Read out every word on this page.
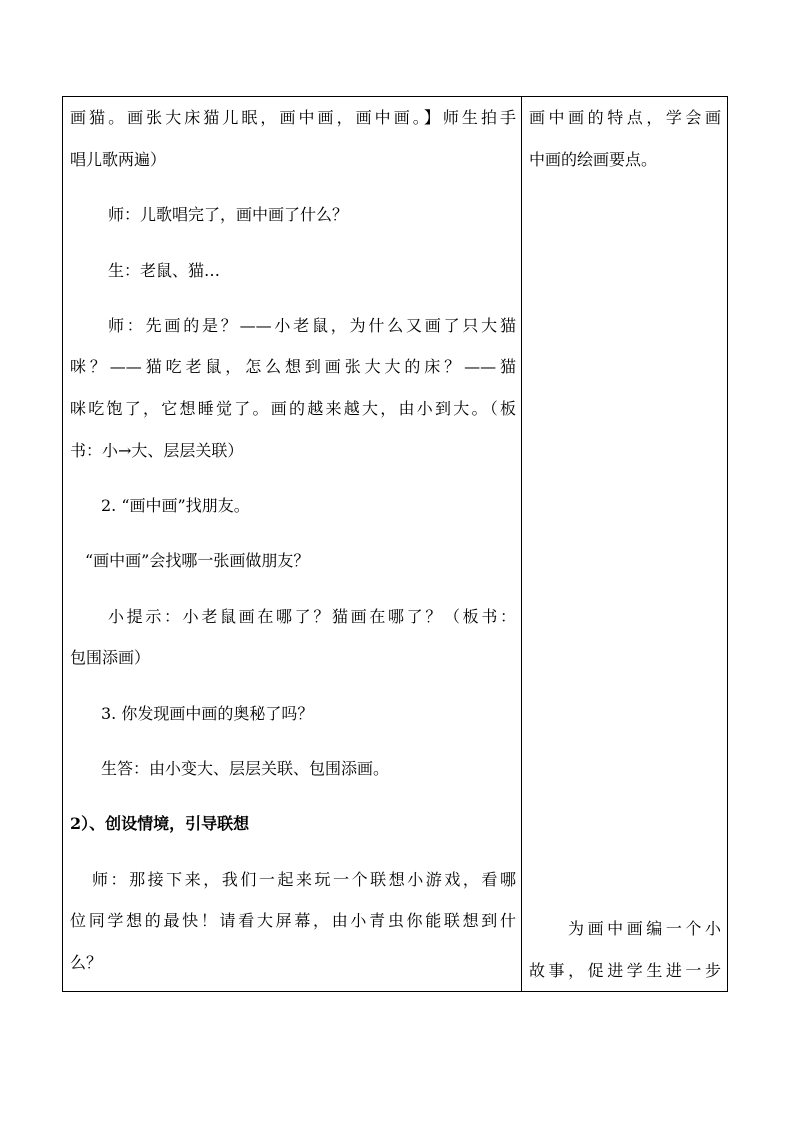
画猫。画张大床猫儿眠，画中画，画中画。】师生拍手
唱儿歌两遍）
师：儿歌唱完了，画中画了什么？
生：老鼠、猫…
师：先画的是？——小老鼠，为什么又画了只大猫
咪？——猫吃老鼠，怎么想到画张大大的床？——猫
咪吃饱了，它想睡觉了。画的越来越大，由小到大。（板
书：小→大、层层关联）
2. “画中画”找朋友。
“画中画”会找哪一张画做朋友？
小提示：小老鼠画在哪了？猫画在哪了？（板书：
包围添画）
3. 你发现画中画的奥秘了吗？
生答：由小变大、层层关联、包围添画。
2）、创设情境，引导联想
师：那接下来，我们一起来玩一个联想小游戏，看哪
位同学想的最快！请看大屏幕，由小青虫你能联想到什
么？
画中画的特点，学会画
中画的绘画要点。
为画中画编一个小
故事，促进学生进一步
